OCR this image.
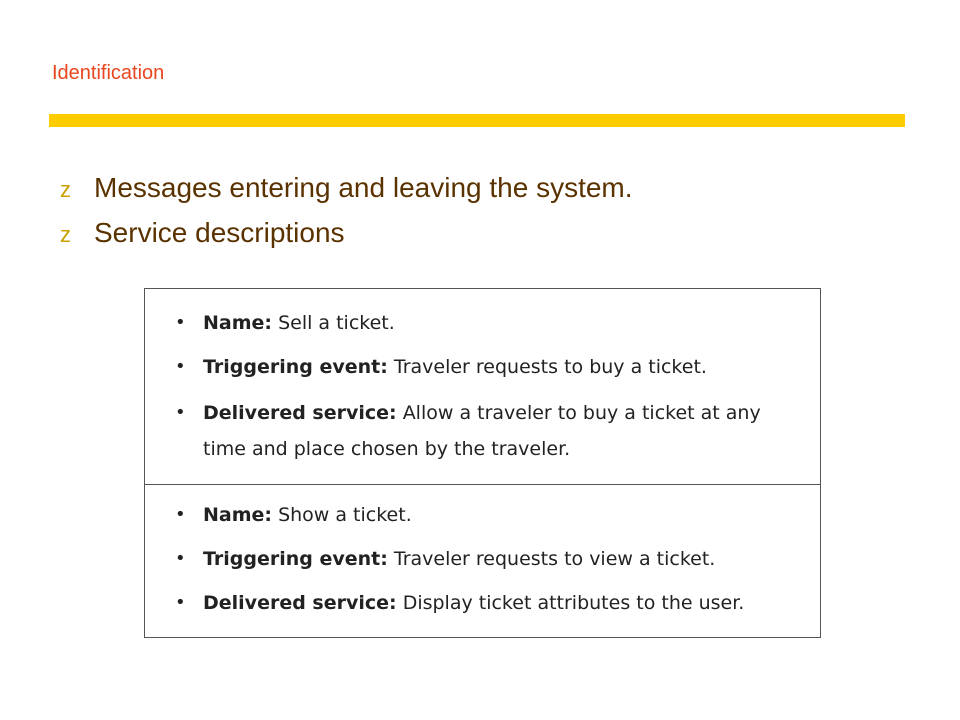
Identification
z Messages entering and leaving the system.
z Service descriptions
• Name: Sell a ticket.
• Triggering event: Traveler requests to buy a ticket.
• Delivered service: Allow a traveler to buy a ticket at any time and place chosen by the traveler.
• Name: Show a ticket.
• Triggering event: Traveler requests to view a ticket.
• Delivered service: Display ticket attributes to the user.
